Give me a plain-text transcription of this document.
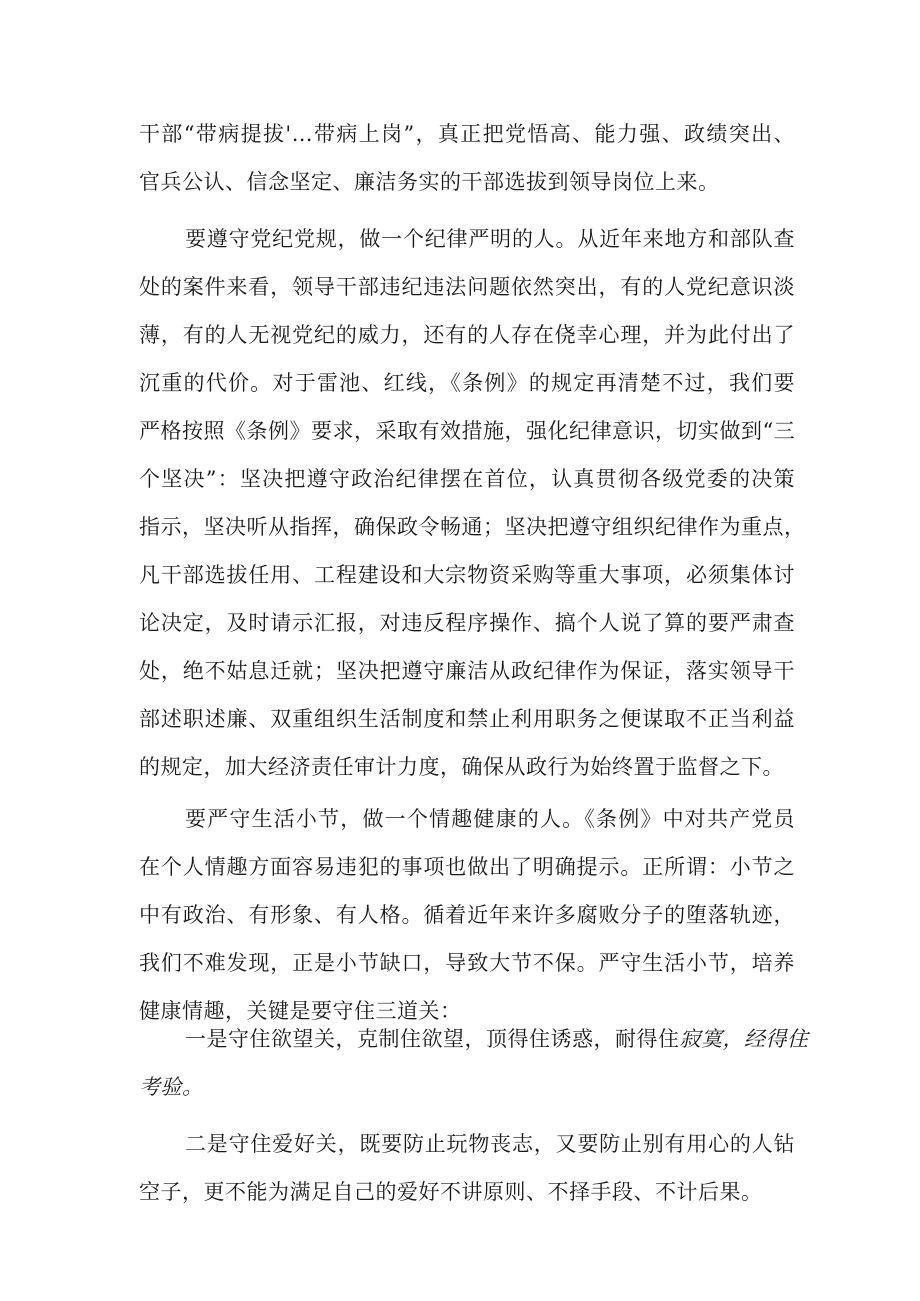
干部“带病提拔'…带病上岗”，真正把党悟高、能力强、政绩突出、
官兵公认、信念坚定、廉洁务实的干部选拔到领导岗位上来。
要遵守党纪党规，做一个纪律严明的人。从近年来地方和部队查
处的案件来看，领导干部违纪违法问题依然突出，有的人党纪意识淡
薄，有的人无视党纪的威力，还有的人存在侥幸心理，并为此付出了
沉重的代价。对于雷池、红线，《条例》的规定再清楚不过，我们要
严格按照《条例》要求，采取有效措施，强化纪律意识，切实做到“三
个坚决”：坚决把遵守政治纪律摆在首位，认真贯彻各级党委的决策
指示，坚决听从指挥，确保政令畅通；坚决把遵守组织纪律作为重点，
凡干部选拔任用、工程建设和大宗物资采购等重大事项，必须集体讨
论决定，及时请示汇报，对违反程序操作、搞个人说了算的要严肃查
处，绝不姑息迁就；坚决把遵守廉洁从政纪律作为保证，落实领导干
部述职述廉、双重组织生活制度和禁止利用职务之便谋取不正当利益
的规定，加大经济责任审计力度，确保从政行为始终置于监督之下。
要严守生活小节，做一个情趣健康的人。《条例》中对共产党员
在个人情趣方面容易违犯的事项也做出了明确提示。正所谓：小节之
中有政治、有形象、有人格。循着近年来许多腐败分子的堕落轨迹，
我们不难发现，正是小节缺口，导致大节不保。严守生活小节，培养
健康情趣，关键是要守住三道关：
一是守住欲望关，克制住欲望，顶得住诱惑，耐得住寂寞，经得住
考验。
二是守住爱好关，既要防止玩物丧志，又要防止别有用心的人钻
空子，更不能为满足自己的爱好不讲原则、不择手段、不计后果。
